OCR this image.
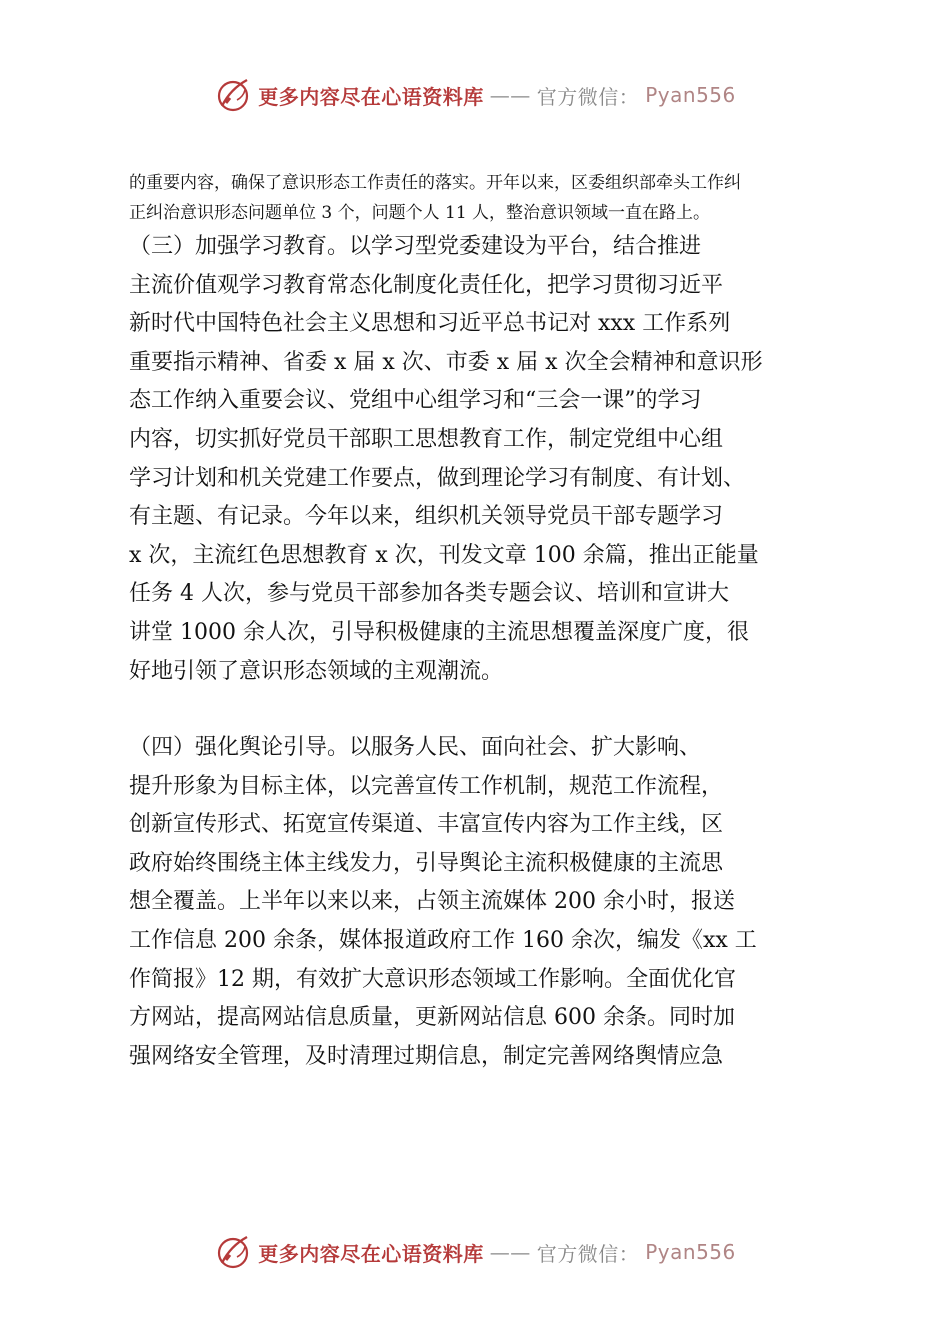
更多内容尽在心语资料库 —— 官方微信： Pyan556
的重要内容，确保了意识形态工作责任的落实。开年以来，区委组织部牵头工作纠
正纠治意识形态问题单位 3 个，问题个人 11 人，整治意识领域一直在路上。
（三）加强学习教育。以学习型党委建设为平台，结合推进
主流价值观学习教育常态化制度化责任化，把学习贯彻习近平
新时代中国特色社会主义思想和习近平总书记对 xxx 工作系列
重要指示精神、省委 x 届 x 次、市委 x 届 x 次全会精神和意识形
态工作纳入重要会议、党组中心组学习和“三会一课”的学习
内容，切实抓好党员干部职工思想教育工作，制定党组中心组
学习计划和机关党建工作要点，做到理论学习有制度、有计划、
有主题、有记录。今年以来，组织机关领导党员干部专题学习
x 次，主流红色思想教育 x 次，刊发文章 100 余篇，推出正能量
任务 4 人次，参与党员干部参加各类专题会议、培训和宣讲大
讲堂 1000 余人次，引导积极健康的主流思想覆盖深度广度，很
好地引领了意识形态领域的主观潮流。
（四）强化舆论引导。以服务人民、面向社会、扩大影响、
提升形象为目标主体，以完善宣传工作机制，规范工作流程，
创新宣传形式、拓宽宣传渠道、丰富宣传内容为工作主线，区
政府始终围绕主体主线发力，引导舆论主流积极健康的主流思
想全覆盖。上半年以来以来，占领主流媒体 200 余小时，报送
工作信息 200 余条，媒体报道政府工作 160 余次，编发《xx 工
作简报》12 期，有效扩大意识形态领域工作影响。全面优化官
方网站，提高网站信息质量，更新网站信息 600 余条。同时加
强网络安全管理，及时清理过期信息，制定完善网络舆情应急
更多内容尽在心语资料库 —— 官方微信： Pyan556
